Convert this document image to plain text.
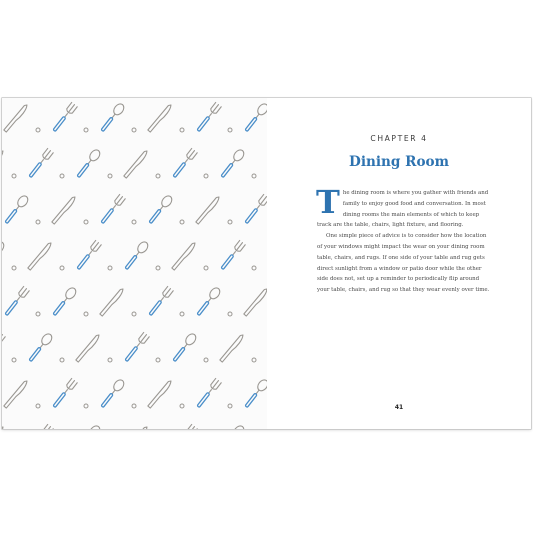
CHAPTER 4
Dining Room
T he dining room is where you gather with friends and
family to enjoy good food and conversation. In most
dining rooms the main elements of which to keep
track are the table, chairs, light fixture, and flooring.
One simple piece of advice is to consider how the location
of your windows might impact the wear on your dining room
table, chairs, and rugs. If one side of your table and rug gets
direct sunlight from a window or patio door while the other
side does not, set up a reminder to periodically flip around
your table, chairs, and rug so that they wear evenly over time.
41
